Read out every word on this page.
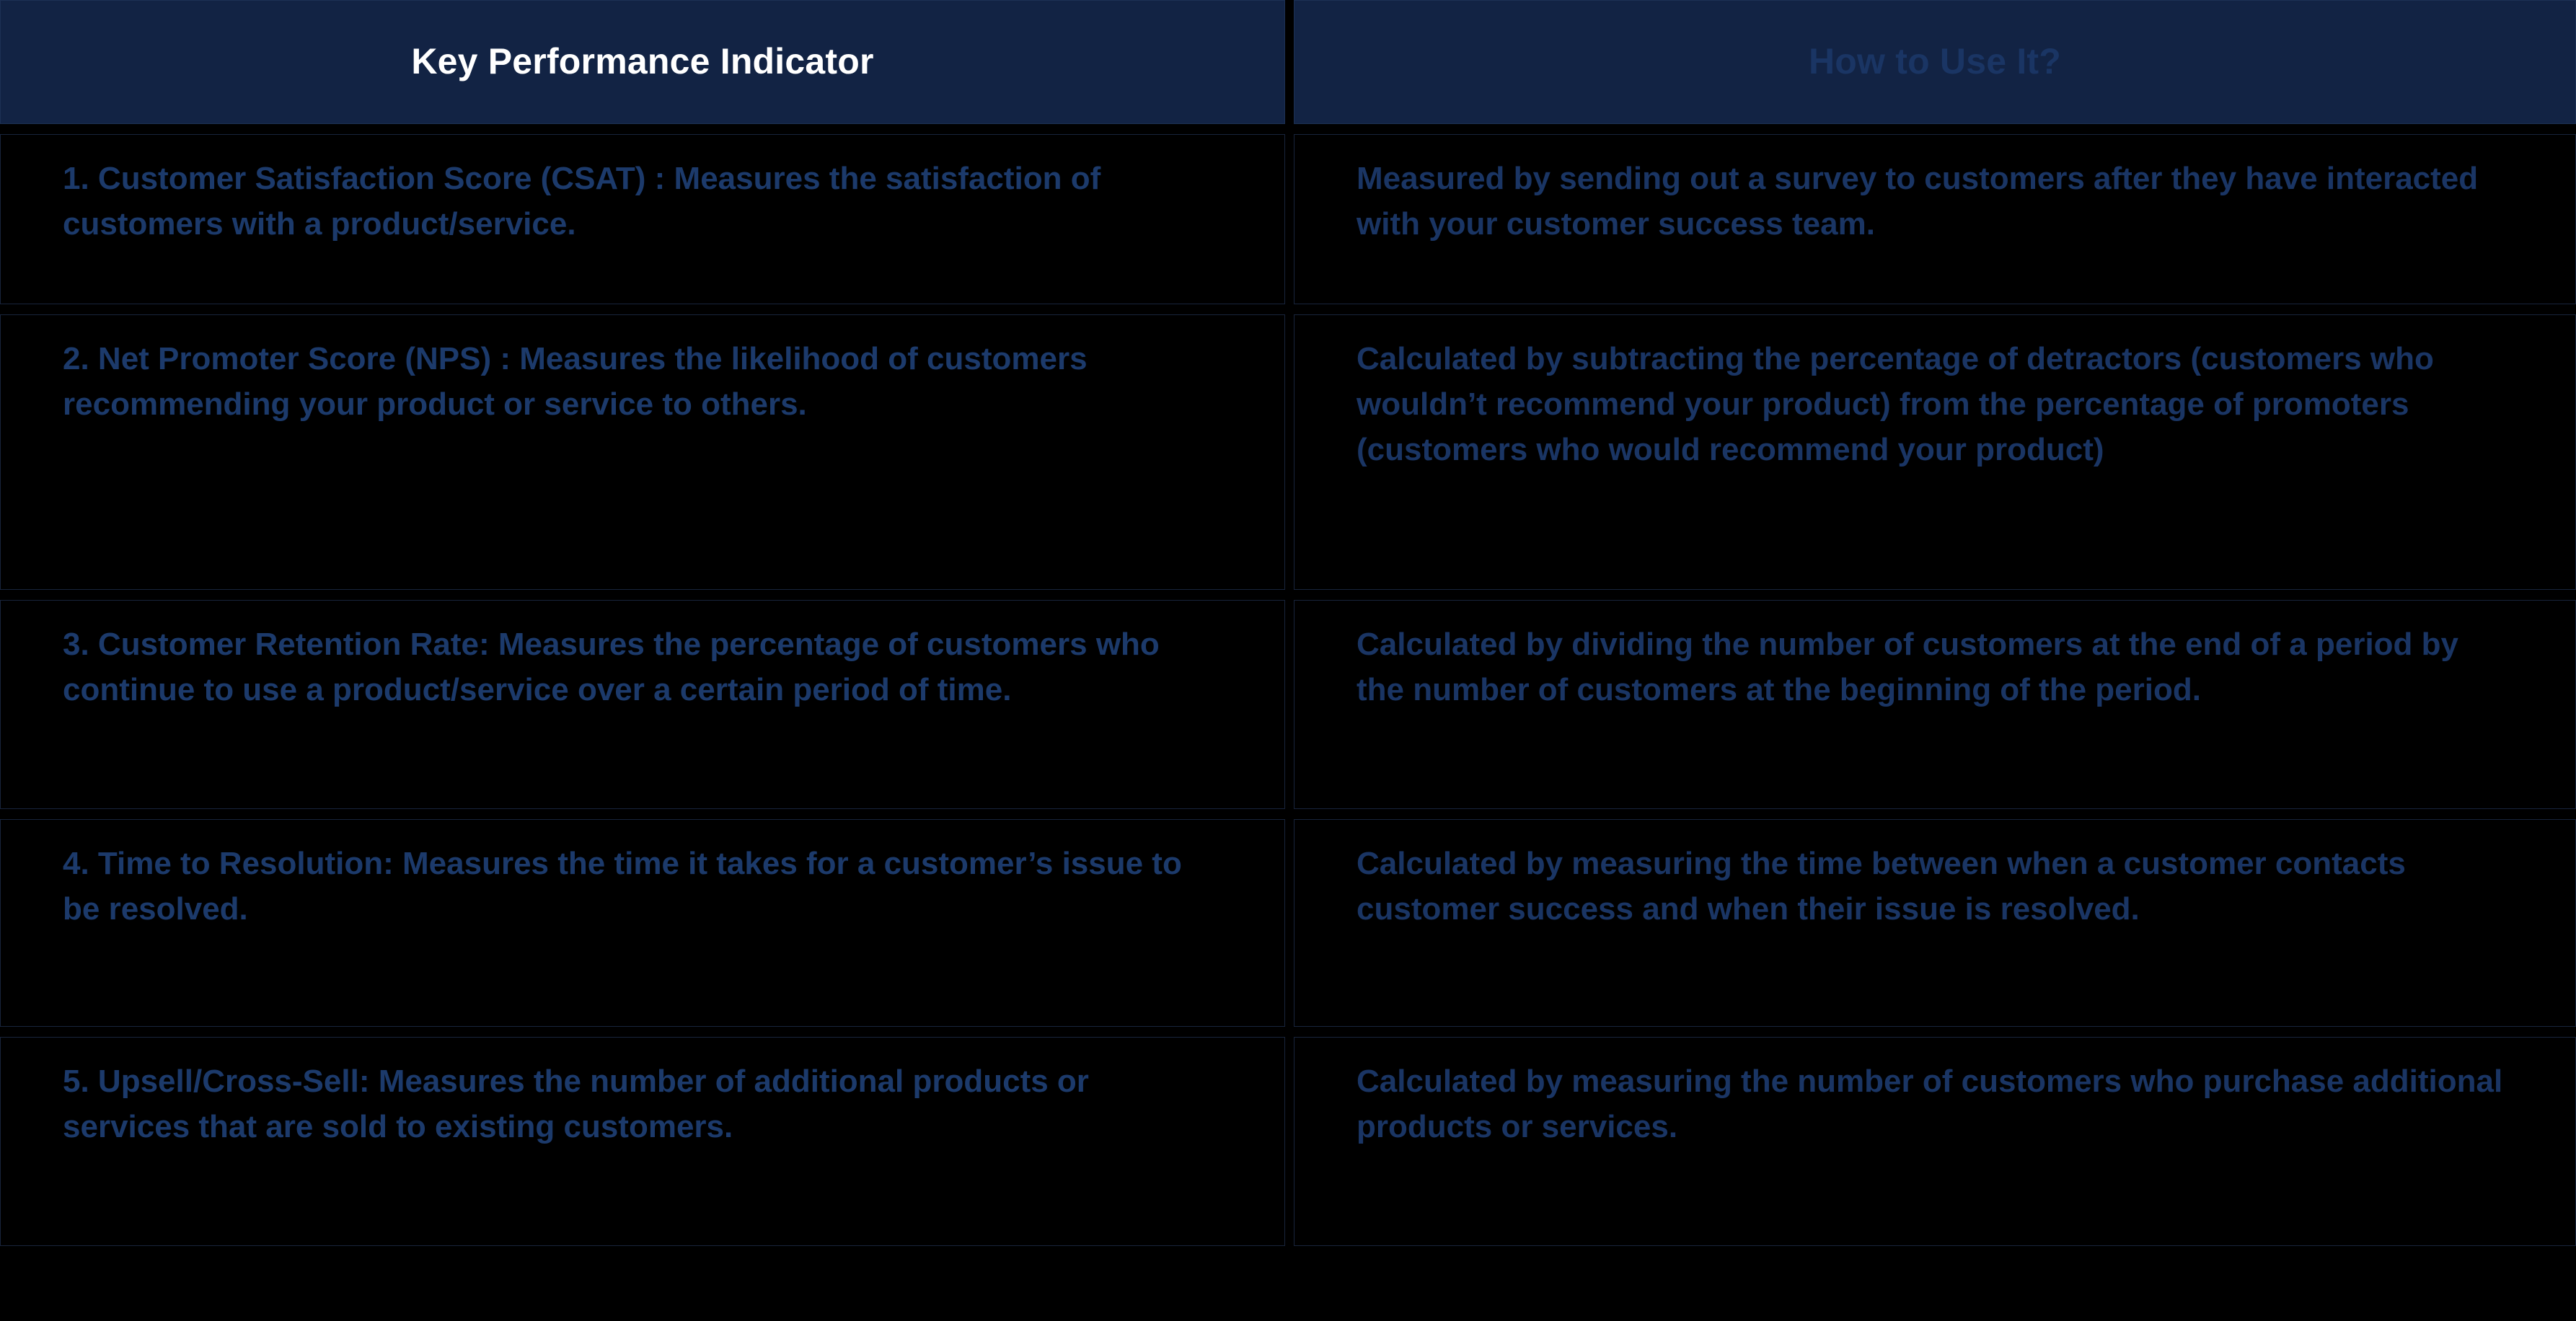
Key Performance Indicator	How to Use It?
1. Customer Satisfaction Score (CSAT) : Measures the satisfaction of customers with a product/service.
Measured by sending out a survey to customers after they have interacted with your customer success team.
2. Net Promoter Score (NPS) : Measures the likelihood of customers recommending your product or service to others.
Calculated by subtracting the percentage of detractors (customers who wouldn’t recommend your product) from the percentage of promoters (customers who would recommend your product)
3. Customer Retention Rate: Measures the percentage of customers who continue to use a product/service over a certain period of time.
Calculated by dividing the number of customers at the end of a period by the number of customers at the beginning of the period.
4. Time to Resolution: Measures the time it takes for a customer’s issue to be resolved.
Calculated by measuring the time between when a customer contacts customer success and when their issue is resolved.
5. Upsell/Cross-Sell: Measures the number of additional products or services that are sold to existing customers.
Calculated by measuring the number of customers who purchase additional products or services.
